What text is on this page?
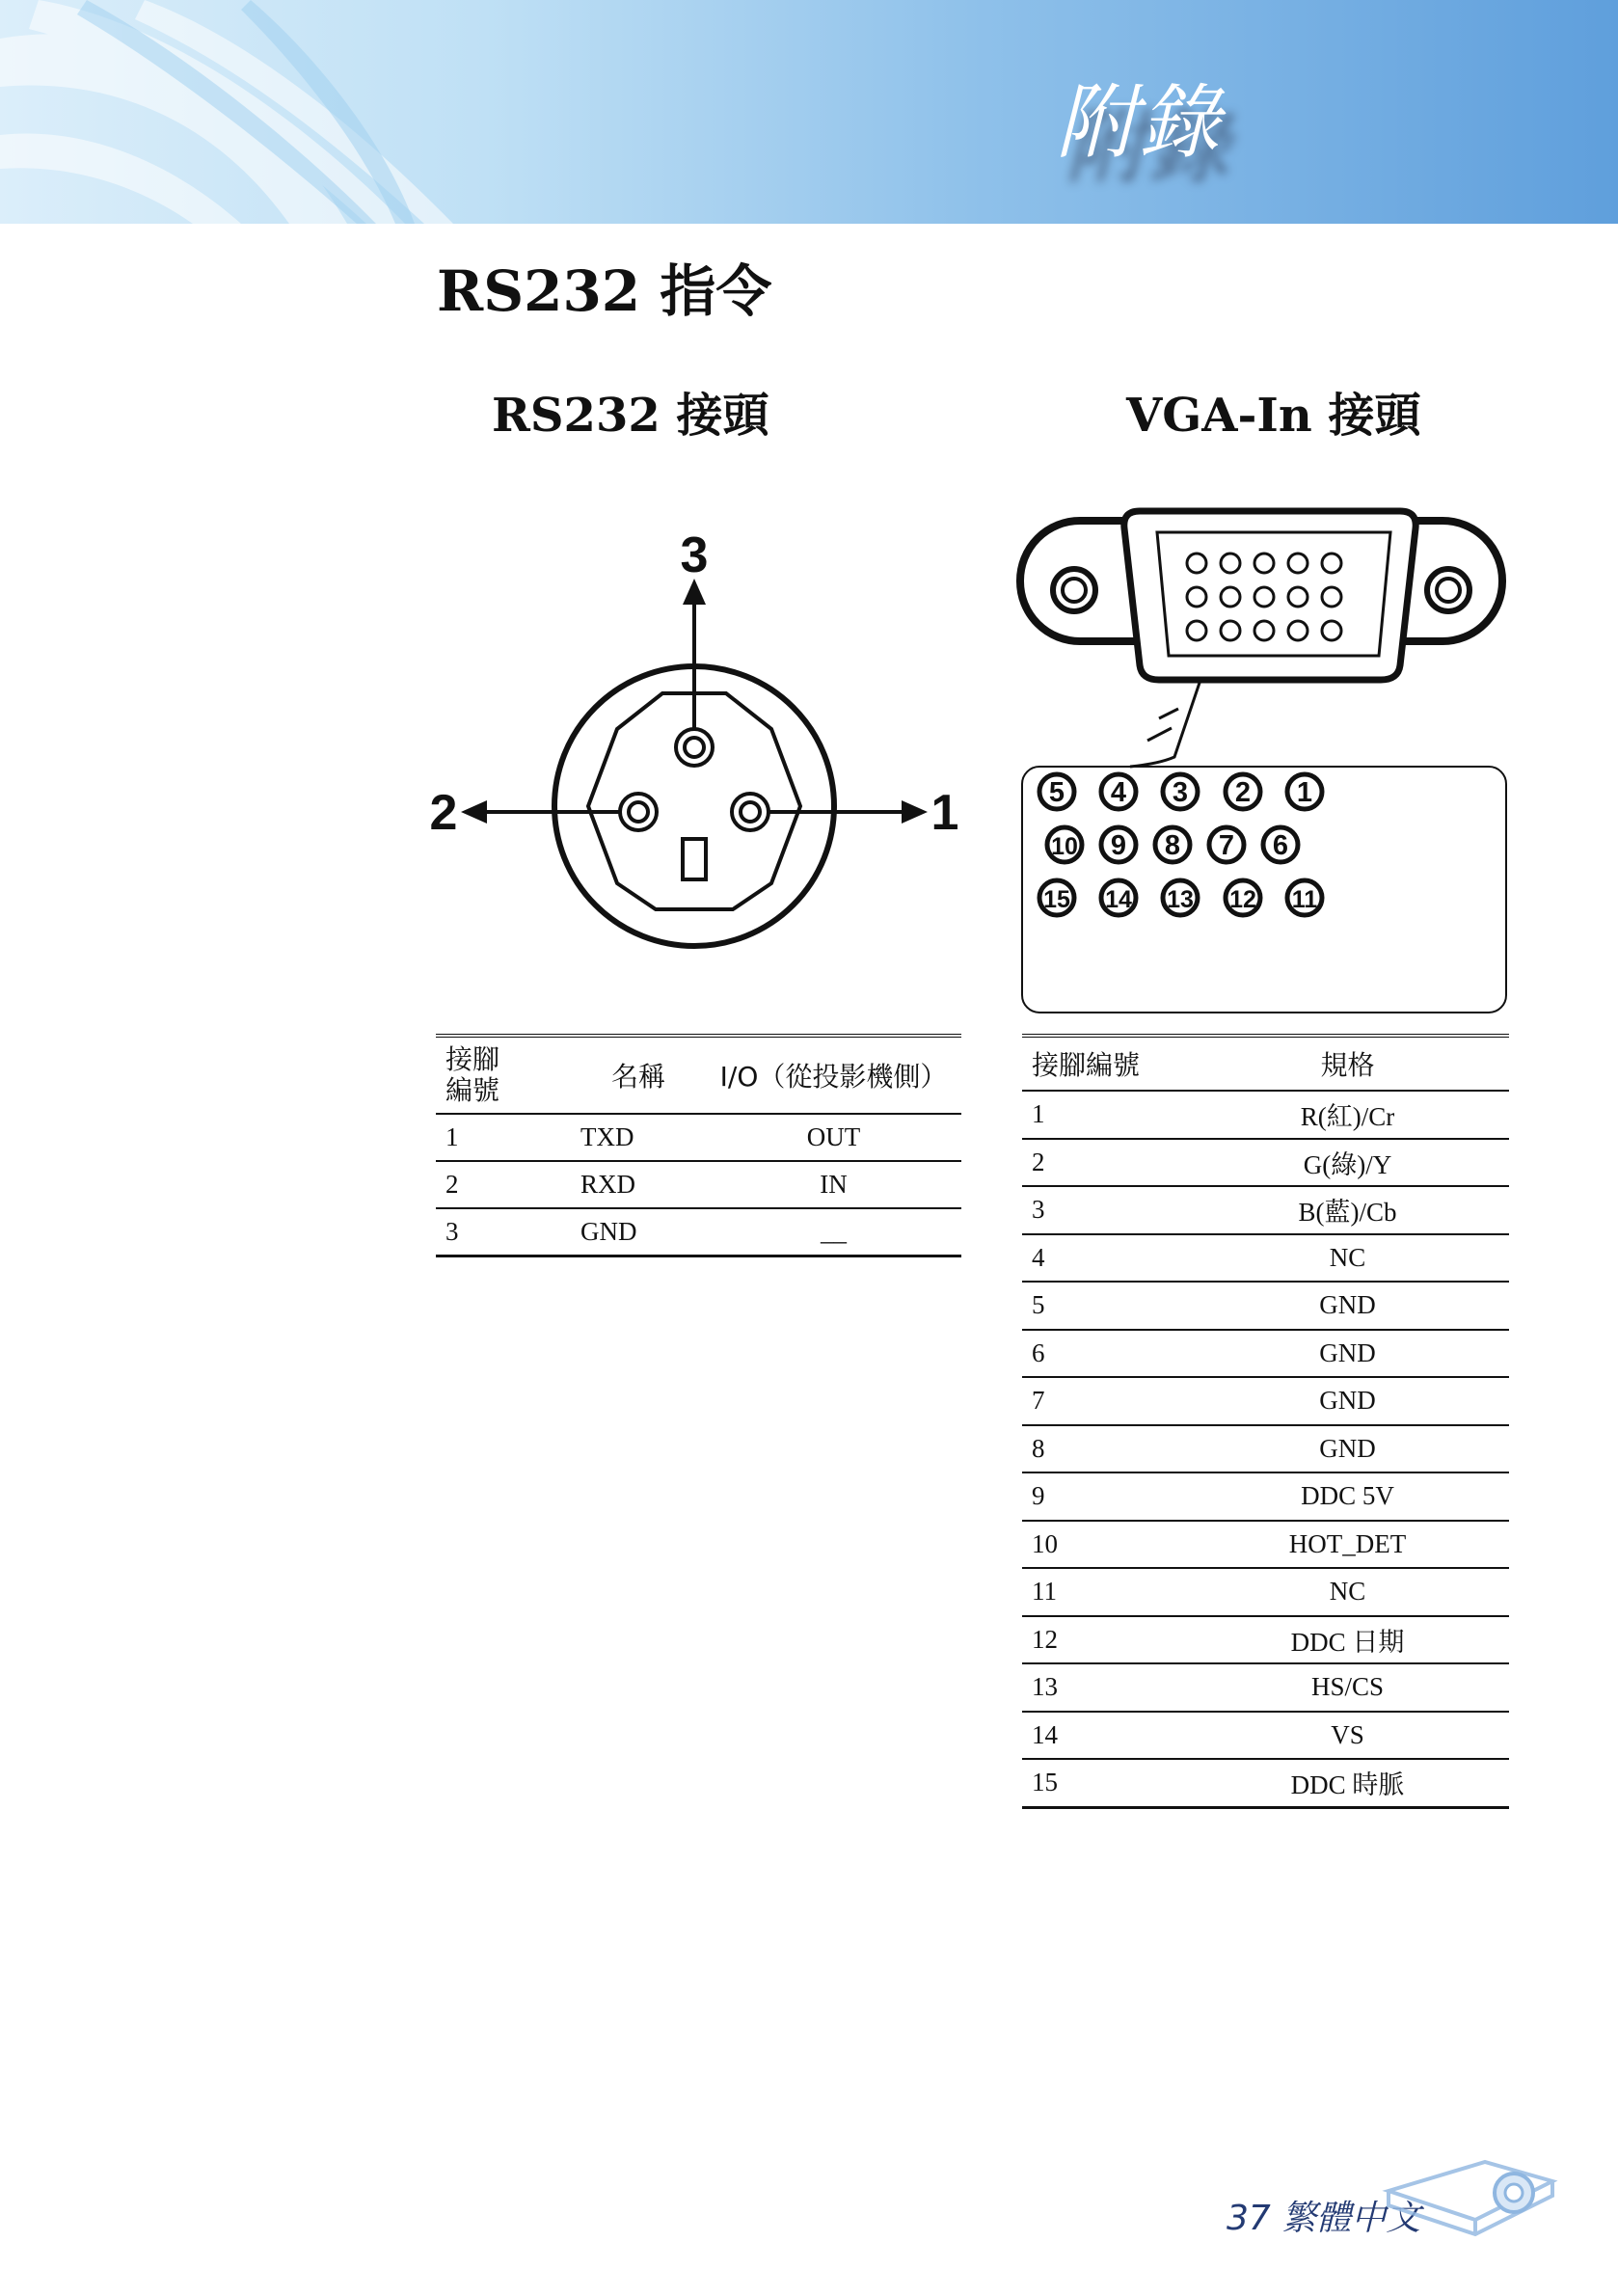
附錄
RS232 指令
RS232 接頭	VGA-In 接頭
3
2	1	5 4 3 2 1
10 9 8 7 6
15 14 13 12 11
接腳
編號	名稱	I/O（從投影機側）
1	TXD	OUT
2	RXD	IN
3	GND	__
接腳編號	規格
1	R(紅)/Cr
2	G(綠)/Y
3	B(藍)/Cb
4	NC
5	GND
6	GND
7	GND
8	GND
9	DDC 5V
10	HOT_DET
11	NC
12	DDC 日期
13	HS/CS
14	VS
15	DDC 時脈
37 繁體中文
